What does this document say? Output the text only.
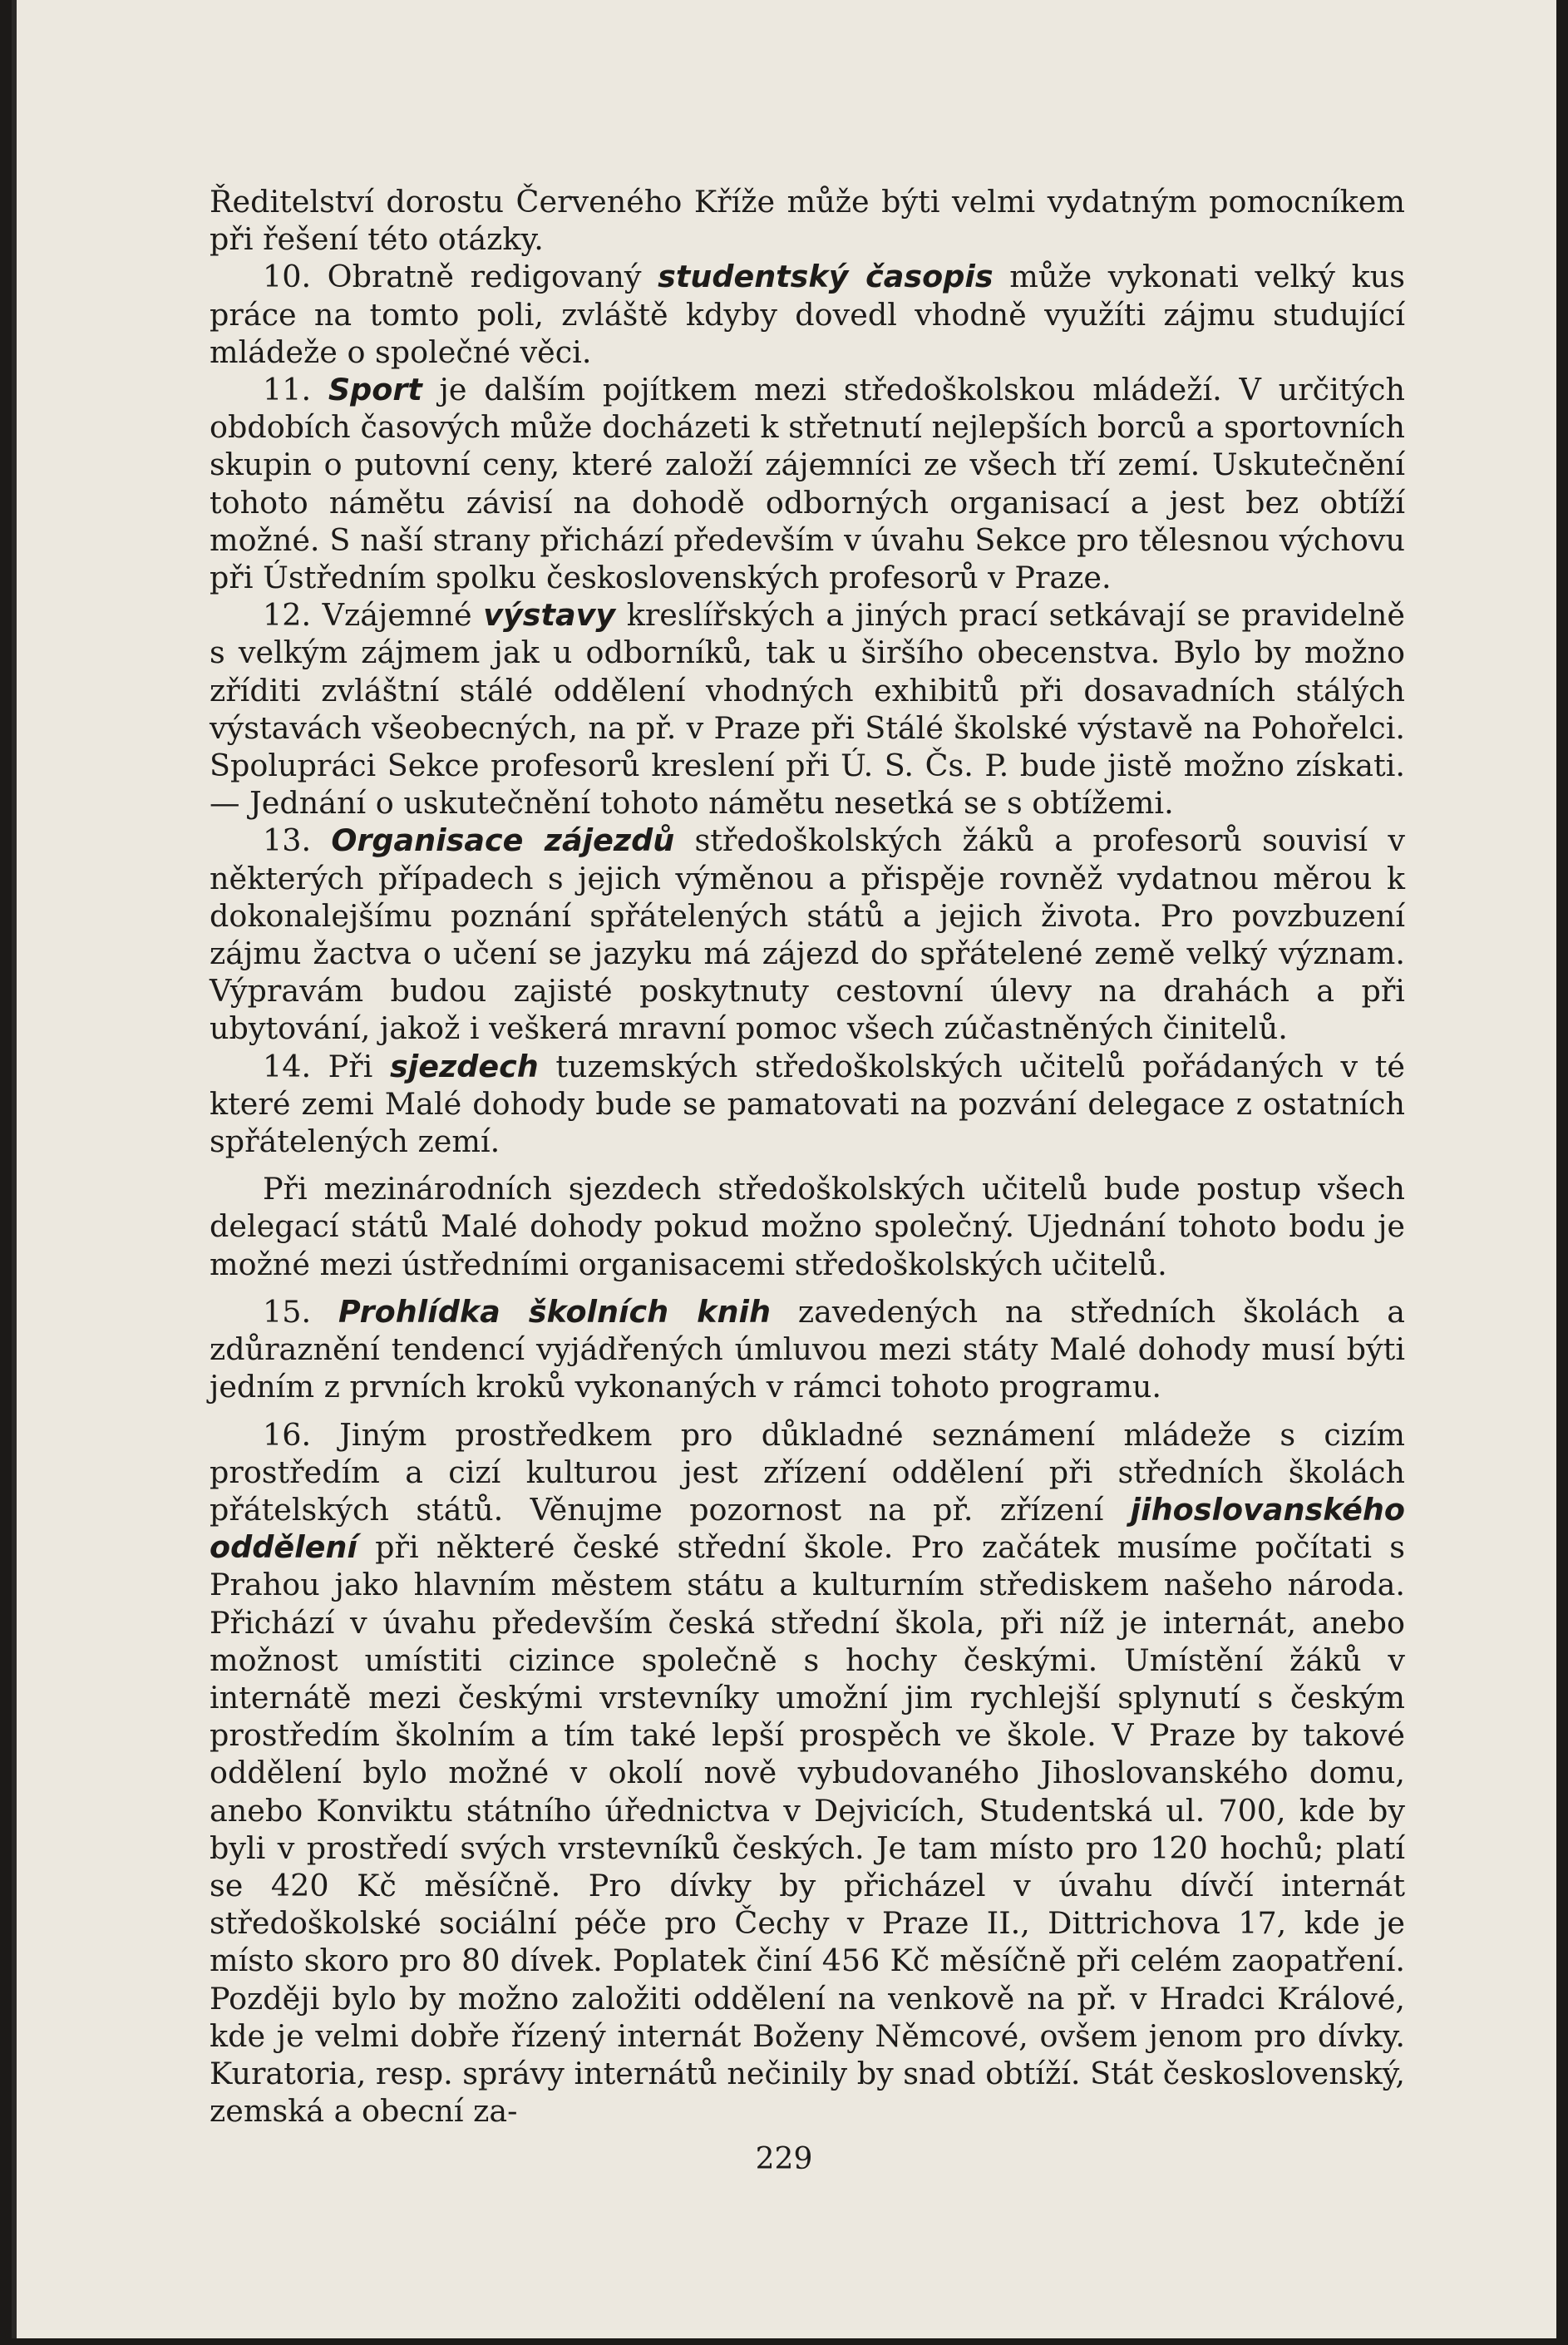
Ředitelství dorostu Červeného Kříže může býti velmi vydatným pomocníkem při řešení této otázky.

10. Obratně redigovaný studentský časopis může vykonati velký kus práce na tomto poli, zvláště kdyby dovedl vhodně využíti zájmu studující mládeže o společné věci.

11. Sport je dalším pojítkem mezi středoškolskou mládeží. V určitých obdobích časových může docházeti k střetnutí nejlepších borců a sportovních skupin o putovní ceny, které založí zájemníci ze všech tří zemí. Uskutečnění tohoto námětu závisí na dohodě odborných organisací a jest bez obtíží možné. S naší strany přichází především v úvahu Sekce pro tělesnou výchovu při Ústředním spolku československých profesorů v Praze.

12. Vzájemné výstavy kreslířských a jiných prací setkávají se pravidelně s velkým zájmem jak u odborníků, tak u širšího obecenstva. Bylo by možno zříditi zvláštní stálé oddělení vhodných exhibitů při dosavadních stálých výstavách všeobecných, na př. v Praze při Stálé školské výstavě na Pohořelci. Spolupráci Sekce profesorů kreslení při Ú. S. Čs. P. bude jistě možno získati. — Jednání o uskutečnění tohoto námětu nesetká se s obtížemi.

13. Organisace zájezdů středoškolských žáků a profesorů souvisí v některých případech s jejich výměnou a přispěje rovněž vydatnou měrou k dokonalejšímu poznání spřátelených států a jejich života. Pro povzbuzení zájmu žactva o učení se jazyku má zájezd do spřátelené země velký význam. Výpravám budou zajisté poskytnuty cestovní úlevy na drahách a při ubytování, jakož i veškerá mravní pomoc všech zúčastněných činitelů.

14. Při sjezdech tuzemských středoškolských učitelů pořádaných v té které zemi Malé dohody bude se pamatovati na pozvání delegace z ostatních spřátelených zemí.

Při mezinárodních sjezdech středoškolských učitelů bude postup všech delegací států Malé dohody pokud možno společný. Ujednání tohoto bodu je možné mezi ústředními organisacemi středoškolských učitelů.

15. Prohlídka školních knih zavedených na středních školách a zdůraznění tendencí vyjádřených úmluvou mezi státy Malé dohody musí býti jedním z prvních kroků vykonaných v rámci tohoto programu.

16. Jiným prostředkem pro důkladné seznámení mládeže s cizím prostředím a cizí kulturou jest zřízení oddělení při středních školách přátelských států. Věnujme pozornost na př. zřízení jihoslovanského oddělení při některé české střední škole. Pro začátek musíme počítati s Prahou jako hlavním městem státu a kulturním střediskem našeho národa. Přichází v úvahu především česká střední škola, při níž je internát, anebo možnost umístiti cizince společně s hochy českými. Umístění žáků v internátě mezi českými vrstevníky umožní jim rychlejší splynutí s českým prostředím školním a tím také lepší prospěch ve škole. V Praze by takové oddělení bylo možné v okolí nově vybudovaného Jihoslovanského domu, anebo Konviktu státního úřednictva v Dejvicích, Studentská ul. 700, kde by byli v prostředí svých vrstevníků českých. Je tam místo pro 120 hochů; platí se 420 Kč měsíčně. Pro dívky by přicházel v úvahu dívčí internát středoškolské sociální péče pro Čechy v Praze II., Dittrichova 17, kde je místo skoro pro 80 dívek. Poplatek činí 456 Kč měsíčně při celém zaopatření. Později bylo by možno založiti oddělení na venkově na př. v Hradci Králové, kde je velmi dobře řízený internát Boženy Němcové, ovšem jenom pro dívky. Kuratoria, resp. správy internátů nečinily by snad obtíží. Stát československý, zemská a obecní za-

229
